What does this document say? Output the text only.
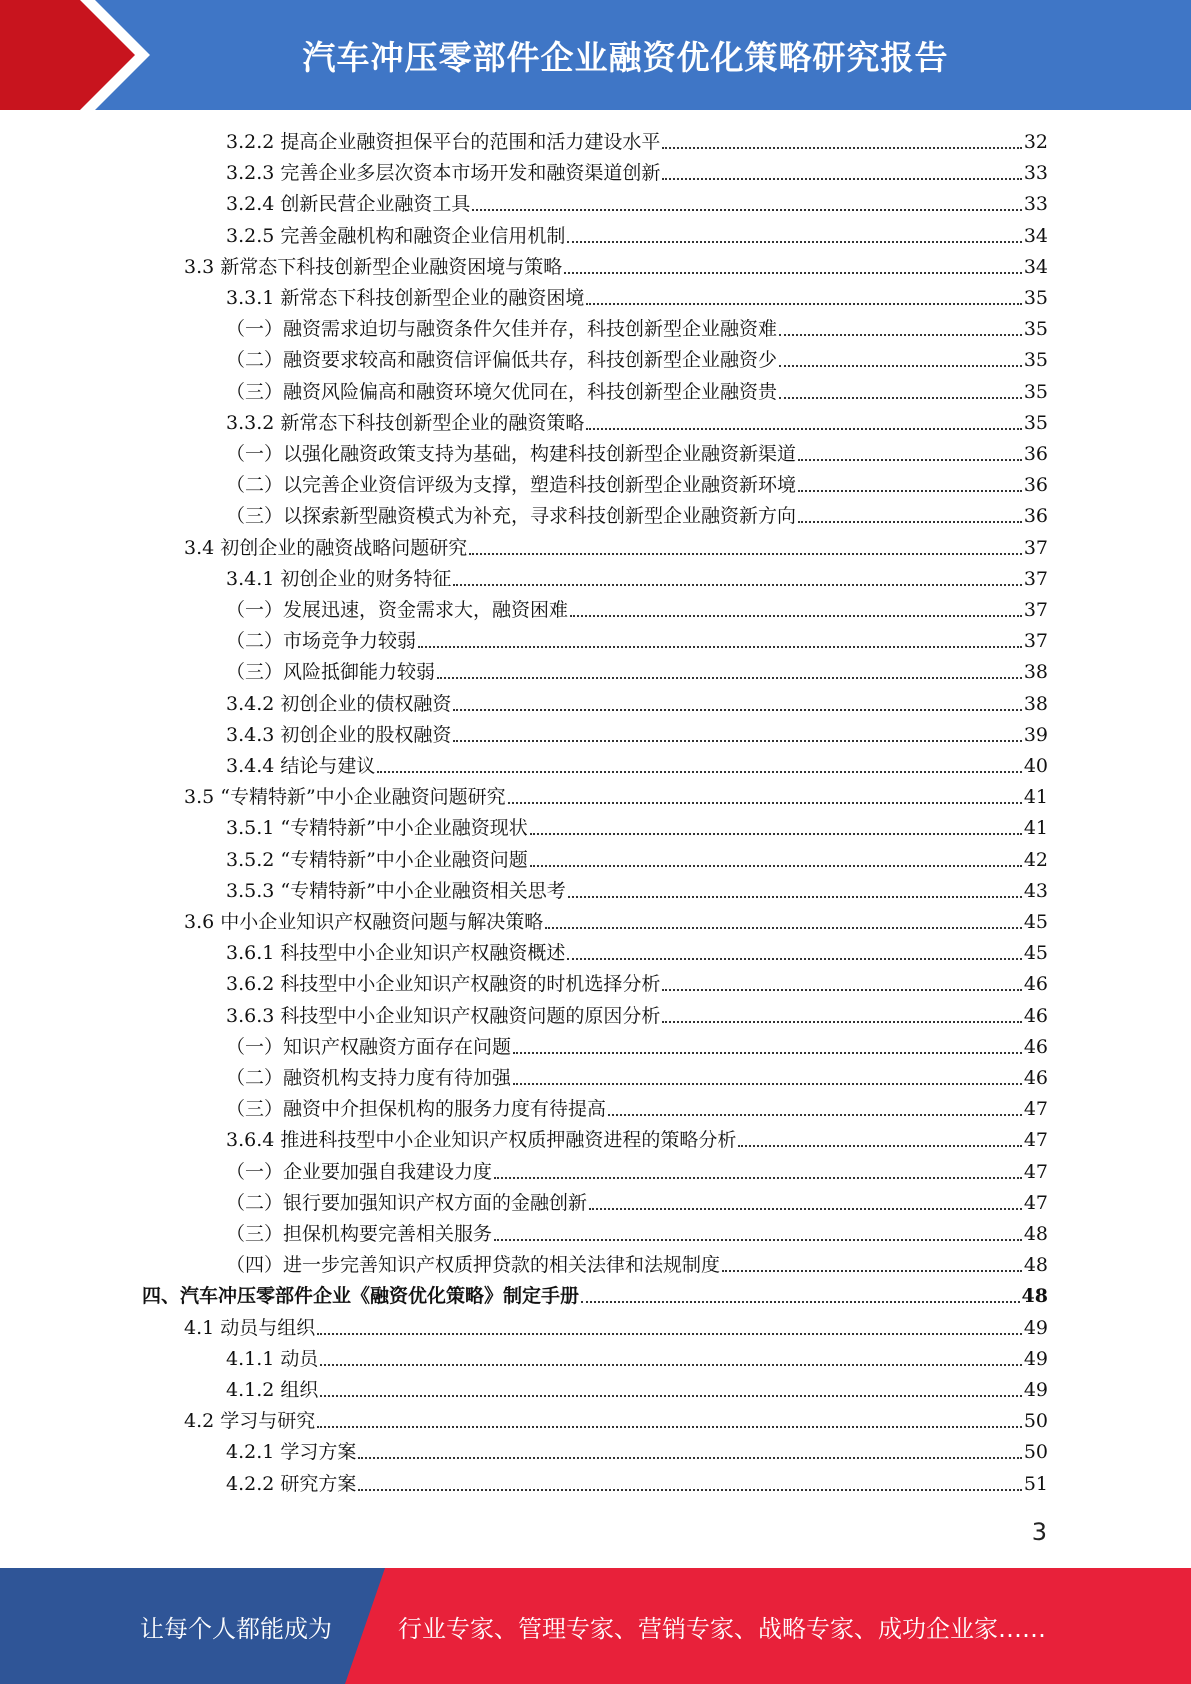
汽车冲压零部件企业融资优化策略研究报告
3.2.2 提高企业融资担保平台的范围和活力建设水平	32
3.2.3 完善企业多层次资本市场开发和融资渠道创新	33
3.2.4 创新民营企业融资工具	33
3.2.5 完善金融机构和融资企业信用机制	34
3.3 新常态下科技创新型企业融资困境与策略	34
3.3.1 新常态下科技创新型企业的融资困境	35
（一）融资需求迫切与融资条件欠佳并存，科技创新型企业融资难	35
（二）融资要求较高和融资信评偏低共存，科技创新型企业融资少	35
（三）融资风险偏高和融资环境欠优同在，科技创新型企业融资贵	35
3.3.2 新常态下科技创新型企业的融资策略	35
（一）以强化融资政策支持为基础，构建科技创新型企业融资新渠道	36
（二）以完善企业资信评级为支撑，塑造科技创新型企业融资新环境	36
（三）以探索新型融资模式为补充，寻求科技创新型企业融资新方向	36
3.4 初创企业的融资战略问题研究	37
3.4.1 初创企业的财务特征	37
（一）发展迅速，资金需求大，融资困难	37
（二）市场竞争力较弱	37
（三）风险抵御能力较弱	38
3.4.2 初创企业的债权融资	38
3.4.3 初创企业的股权融资	39
3.4.4 结论与建议	40
3.5 “专精特新”中小企业融资问题研究	41
3.5.1 “专精特新”中小企业融资现状	41
3.5.2 “专精特新”中小企业融资问题	42
3.5.3 “专精特新”中小企业融资相关思考	43
3.6 中小企业知识产权融资问题与解决策略	45
3.6.1 科技型中小企业知识产权融资概述	45
3.6.2 科技型中小企业知识产权融资的时机选择分析	46
3.6.3 科技型中小企业知识产权融资问题的原因分析	46
（一）知识产权融资方面存在问题	46
（二）融资机构支持力度有待加强	46
（三）融资中介担保机构的服务力度有待提高	47
3.6.4 推进科技型中小企业知识产权质押融资进程的策略分析	47
（一）企业要加强自我建设力度	47
（二）银行要加强知识产权方面的金融创新	47
（三）担保机构要完善相关服务	48
（四）进一步完善知识产权质押贷款的相关法律和法规制度	48
四、汽车冲压零部件企业《融资优化策略》制定手册	48
4.1 动员与组织	49
4.1.1 动员	49
4.1.2 组织	49
4.2 学习与研究	50
4.2.1 学习方案	50
4.2.2 研究方案	51
3
让每个人都能成为	行业专家、管理专家、营销专家、战略专家、成功企业家……
